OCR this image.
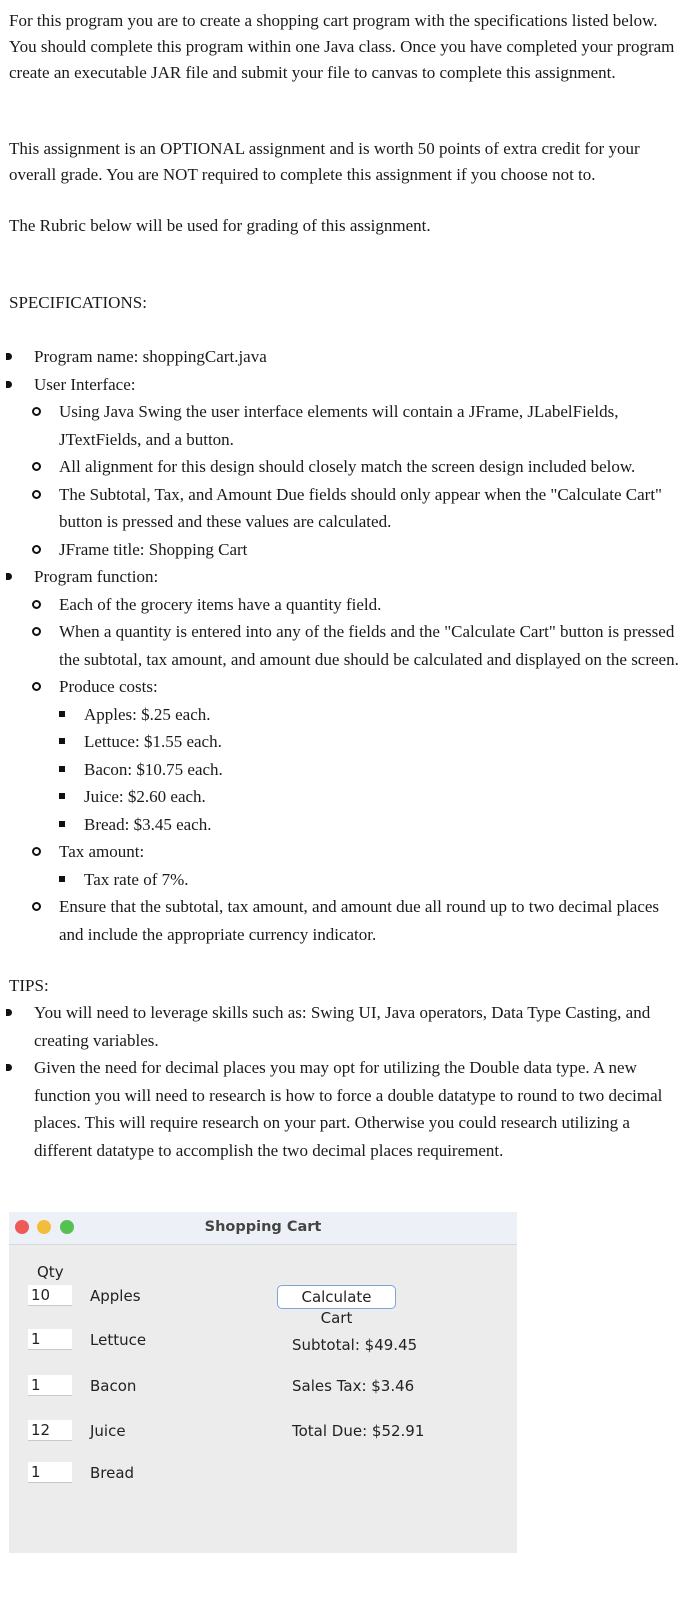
For this program you are to create a shopping cart program with the specifications listed below. You should complete this program within one Java class. Once you have completed your program create an executable JAR file and submit your file to canvas to complete this assignment.

This assignment is an OPTIONAL assignment and is worth 50 points of extra credit for your overall grade. You are NOT required to complete this assignment if you choose not to.

The Rubric below will be used for grading of this assignment.

SPECIFICATIONS:

Program name: shoppingCart.java
User Interface:
Using Java Swing the user interface elements will contain a JFrame, JLabelFields, JTextFields, and a button.
All alignment for this design should closely match the screen design included below.
The Subtotal, Tax, and Amount Due fields should only appear when the "Calculate Cart" button is pressed and these values are calculated.
JFrame title: Shopping Cart
Program function:
Each of the grocery items have a quantity field.
When a quantity is entered into any of the fields and the "Calculate Cart" button is pressed the subtotal, tax amount, and amount due should be calculated and displayed on the screen.
Produce costs:
Apples: $.25 each.
Lettuce: $1.55 each.
Bacon: $10.75 each.
Juice: $2.60 each.
Bread: $3.45 each.
Tax amount:
Tax rate of 7%.
Ensure that the subtotal, tax amount, and amount due all round up to two decimal places and include the appropriate currency indicator.

TIPS:

You will need to leverage skills such as: Swing UI, Java operators, Data Type Casting, and creating variables.
Given the need for decimal places you may opt for utilizing the Double data type. A new function you will need to research is how to force a double datatype to round to two decimal places. This will require research on your part. Otherwise you could research utilizing a different datatype to accomplish the two decimal places requirement.
Shopping Cart
Qty
10	Apples
1	Lettuce
1	Bacon
12	Juice
1	Bread
Calculate Cart
Subtotal: $49.45
Sales Tax: $3.46
Total Due: $52.91
